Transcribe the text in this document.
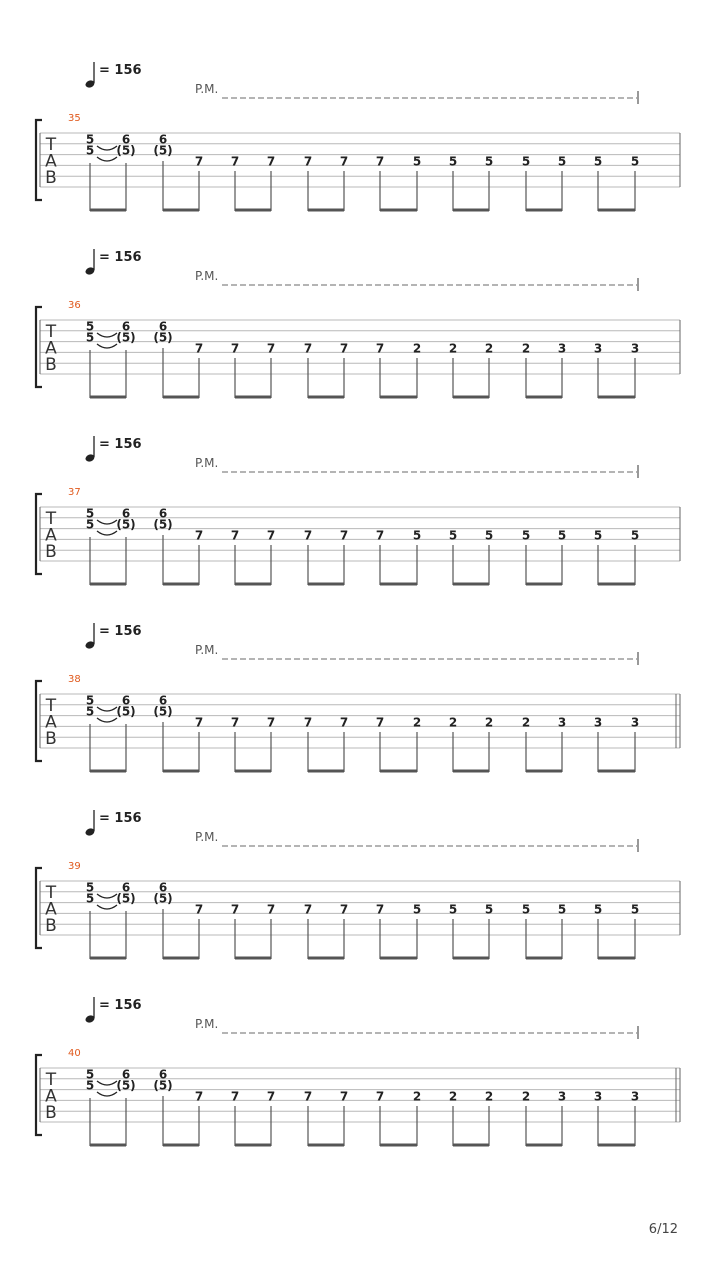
= 156
P.M.
35
T
A
B
5
5
6
(5)
6
(5)
7 7 7 7 7 7 5 5 5 5 5 5 5
= 156
P.M.
36
T
A
B
5
5
6
(5)
6
(5)
7 7 7 7 7 7 2 2 2 2 3 3 3
= 156
P.M.
37
T
A
B
5
5
6
(5)
6
(5)
7 7 7 7 7 7 5 5 5 5 5 5 5
= 156
P.M.
38
T
A
B
5
5
6
(5)
6
(5)
7 7 7 7 7 7 2 2 2 2 3 3 3
= 156
P.M.
39
T
A
B
5
5
6
(5)
6
(5)
7 7 7 7 7 7 5 5 5 5 5 5 5
= 156
P.M.
40
T
A
B
5
5
6
(5)
6
(5)
7 7 7 7 7 7 2 2 2 2 3 3 3
6/12
